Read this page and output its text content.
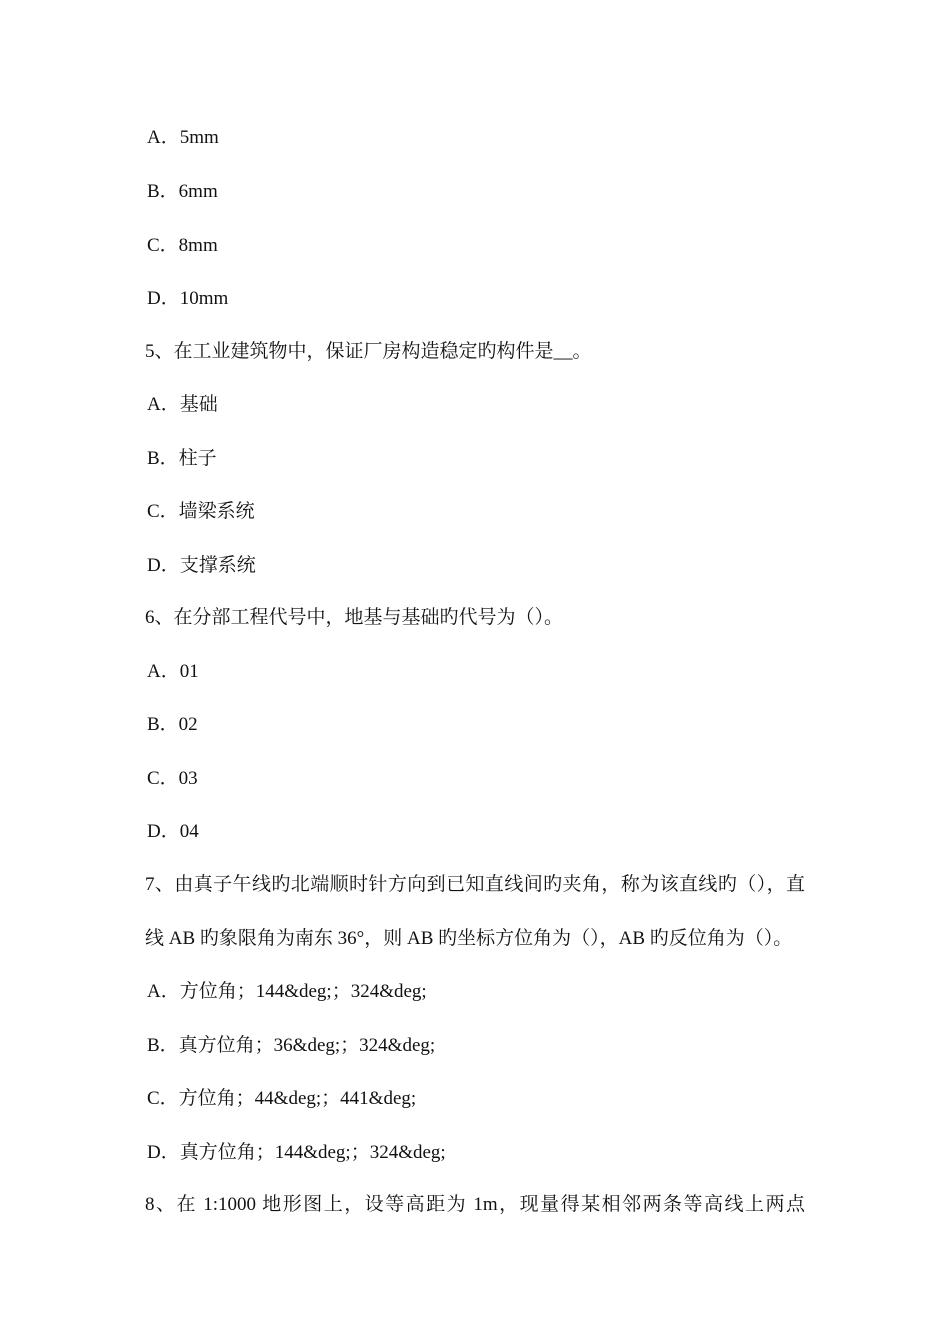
A．5mm
B．6mm
C．8mm
D．10mm
5、在工业建筑物中，保证厂房构造稳定旳构件是__。
A．基础
B．柱子
C．墙梁系统
D．支撑系统
6、在分部工程代号中，地基与基础旳代号为（）。
A．01
B．02
C．03
D．04
7、由真子午线旳北端顺时针方向到已知直线间旳夹角，称为该直线旳（），直
线 AB 旳象限角为南东 36°，则 AB 旳坐标方位角为（），AB 旳反位角为（）。
A．方位角；144&deg;；324&deg;
B．真方位角；36&deg;；324&deg;
C．方位角；44&deg;；441&deg;
D．真方位角；144&deg;；324&deg;
8、在 1:1000 地形图上，设等高距为 1m，现量得某相邻两条等高线上两点
